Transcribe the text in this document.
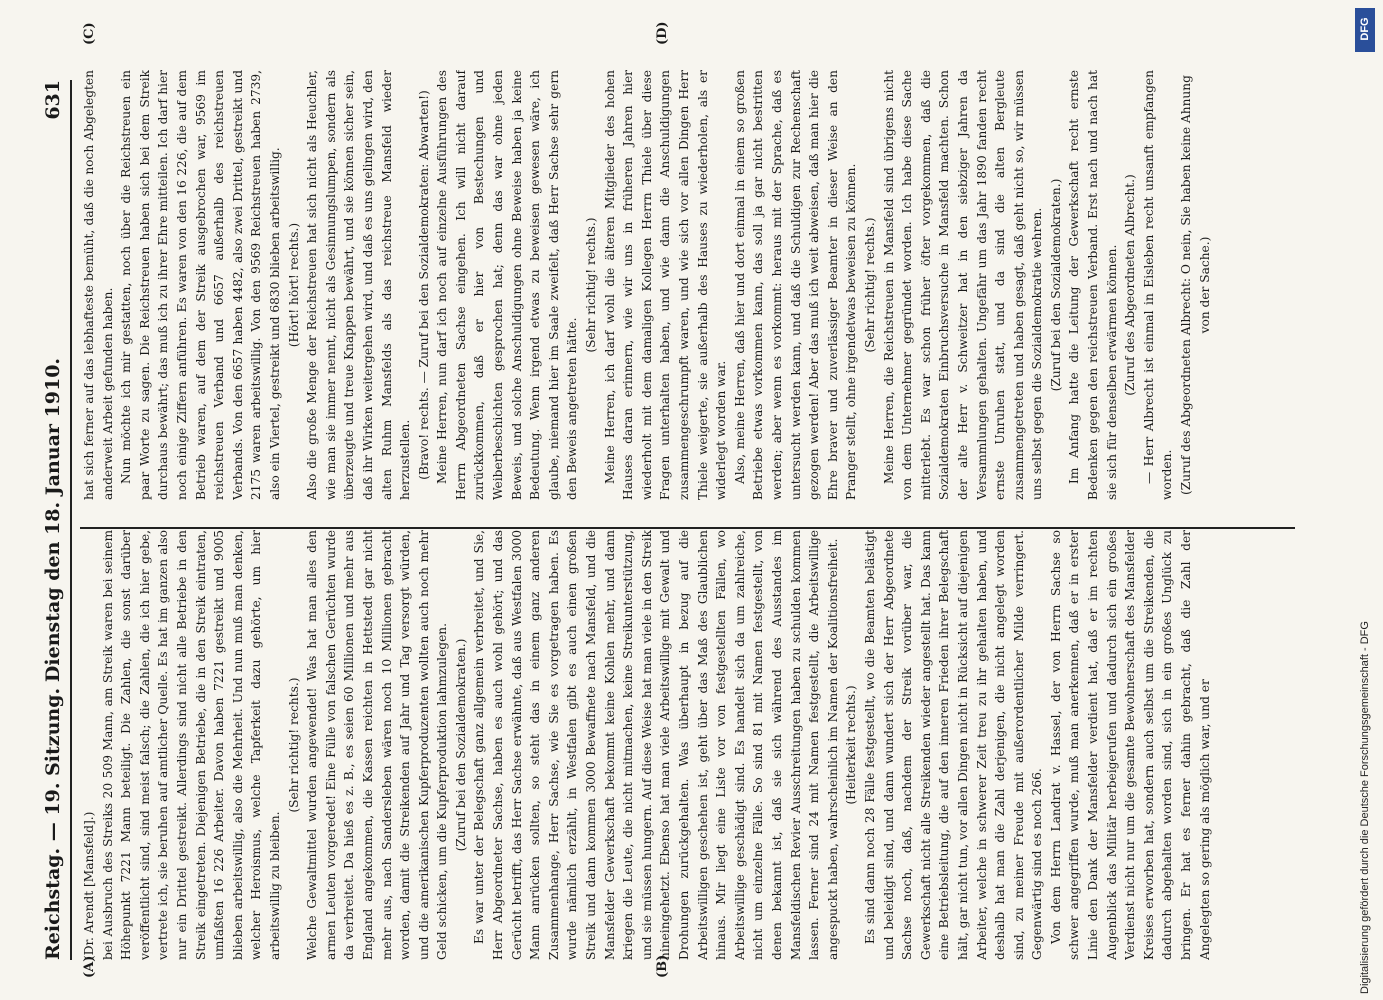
Reichstag. — 19. Sitzung.
Dienstag den 18. Januar 1910.
631
(A)	(B)
(C)	(D)

(Dr. Arendt [Mansfeld].) bei Ausbruch des Streiks 20 509 Mann, am Streik waren bei seinem Höhepunkt 7221 Mann beteiligt. Die Zahlen, die sonst darüber veröffentlicht sind, sind meist falsch; die Zahlen, die ich hier gebe, vertrete ich, sie beruhen auf amtlicher Quelle. Es hat im ganzen also nur ein Drittel gestreikt. Allerdings sind nicht alle Betriebe in den Streik eingetreten. Diejenigen Betriebe, die in den Streik eintraten, umfaßten 16 226 Arbeiter. Davon haben 7221 gestreikt und 9005 blieben arbeitswillig, also die Mehrheit. Und nun muß man denken, welcher Heroismus, welche Tapferkeit dazu gehörte, um hier arbeitswillig zu bleiben.

(Sehr richtig! rechts.) Welche Gewaltmittel wurden angewendet! Was hat man alles den armen Leuten vorgeredet! Eine Fülle von falschen Gerüchten wurde da verbreitet. Da hieß es z. B., es seien 60 Millionen und mehr aus England angekommen, die Kassen reichten in Hettstedt gar nicht mehr aus, nach Sandersleben wären noch 10 Millionen gebracht worden, damit die Streikenden auf Jahr und Tag versorgt würden, und die amerikanischen Kupferproduzenten wollten auch noch mehr Geld schicken, um die Kupferproduktion lahmzulegen. (Zuruf bei den Sozialdemokraten.) Es war unter der Belegschaft ganz allgemein verbreitet, und Sie, Herr Abgeordneter Sachse, haben es auch wohl gehört; und das Gerücht betrifft, das Herr Sachse erwähnte, daß aus Westfalen 3000 Mann anrücken sollten, so steht das in einem ganz anderen Zusammenhange, Herr Sachse, wie Sie es vorgetragen haben. Es wurde nämlich erzählt, in Westfalen gibt es auch einen großen Streik und dann kommen 3000 Bewaffnete nach Mansfeld, und die Mansfelder Gewerkschaft bekommt keine Kohlen mehr, und dann kriegen die Leute, die nicht mitmachen, keine Streikunterstützung, und sie müssen hungern. Auf diese Weise hat man viele in den Streik hineingehetzt. Ebenso hat man viele Arbeitswillige mit Gewalt und Drohungen zurückgehalten. Was überhaupt in bezug auf die Arbeitswilligen geschehen ist, geht über das Maß des Glaublichen hinaus. Mir liegt eine Liste vor von festgestellten Fällen, wo Arbeitswillige geschädigt sind. Es handelt sich da um zahlreiche, nicht um einzelne Fälle. So sind 81 mit Namen festgestellt, von denen bekannt ist, daß sie sich während des Ausstandes im Mansfeldischen Revier Ausschreitungen haben zu schulden kommen lassen. Ferner sind 24 mit Namen festgestellt, die Arbeitswillige angespuckt haben, wahrscheinlich im Namen der Koalitionsfreiheit. (Heiterkeit rechts.) Es sind dann noch 28 Fälle festgestellt, wo die Beamten belästigt und beleidigt sind, und dann wundert sich der Herr Abgeordnete Sachse noch, daß, nachdem der Streik vorüber war, die Gewerkschaft nicht alle Streikenden wieder angestellt hat. Das kann eine Betriebsleitung, die auf den inneren Frieden ihrer Belegschaft hält, gar nicht tun, vor allen Dingen nicht in Rücksicht auf diejenigen Arbeiter, welche in schwerer Zeit treu zu ihr gehalten haben, und deshalb hat man die Zahl derjenigen, die nicht angelegt worden sind, zu meiner Freude mit außerordentlicher Milde verringert. Gegenwärtig sind es noch 266. Von dem Herrn Landrat v. Hassel, der von Herrn Sachse so schwer angegriffen wurde, muß man anerkennen, daß er in erster Linie den Dank der Mansfelder verdient hat, daß er im rechten Augenblick das Militär herbeigerufen und dadurch sich ein großes Verdienst nicht nur um die gesamte Bewohnerschaft des Mansfelder Kreises erworben hat, sondern auch selbst um die Streikenden, die dadurch abgehalten worden sind, sich in ein großes Unglück zu bringen. Er hat es ferner dahin gebracht, daß die Zahl der Angelegten so gering als möglich war, und er

hat sich ferner auf das lebhafteste bemüht, daß die noch Abgelegten anderweit Arbeit gefunden haben. Nun möchte ich mir gestatten, noch über die Reichstreuen ein paar Worte zu sagen. Die Reichstreuen haben sich bei dem Streik durchaus bewährt; das muß ich zu ihrer Ehre mitteilen. Ich darf hier noch einige Ziffern anführen. Es waren von den 16 226, die auf dem Betrieb waren, auf dem der Streik ausgebrochen war, 9569 im reichstreuen Verband und 6657 außerhalb des reichstreuen Verbands. Von den 6657 haben 4482, also zwei Drittel, gestreikt und 2175 waren arbeitswillig. Von den 9569 Reichstreuen haben 2739, also ein Viertel, gestreikt und 6830 blieben arbeitswillig. (Hört! hört! rechts.) Also die große Menge der Reichstreuen hat sich nicht als Heuchler, wie man sie immer nennt, nicht als Gesinnungslumpen, sondern als überzeugte und treue Knappen bewährt, und sie können sicher sein, daß ihr Wirken weitergehen wird, und daß es uns gelingen wird, den alten Ruhm Mansfelds als das reichstreue Mansfeld wieder herzustellen. (Bravo! rechts. — Zuruf bei den Sozialdemokraten: Abwarten!) Meine Herren, nun darf ich noch auf einzelne Ausführungen des Herrn Abgeordneten Sachse eingehen. Ich will nicht darauf zurückkommen, daß er hier von Bestechungen und Weiberbeschichten gesprochen hat; denn das war ohne jeden Beweis, und solche Anschuldigungen ohne Beweise haben ja keine Bedeutung. Wenn irgend etwas zu beweisen gewesen wäre, ich glaube, niemand hier im Saale zweifelt, daß Herr Sachse sehr gern den Beweis angetreten hätte.

(Sehr richtig! rechts.) Meine Herren, ich darf wohl die älteren Mitglieder des hohen Hauses daran erinnern, wie wir uns in früheren Jahren hier wiederholt mit dem damaligen Kollegen Herrn Thiele über diese Fragen unterhalten haben, und wie dann die Anschuldigungen zusammengeschrumpft waren, und wie sich vor allen Dingen Herr Thiele weigerte, sie außerhalb des Hauses zu wiederholen, als er widerlegt worden war. Also, meine Herren, daß hier und dort einmal in einem so großen Betriebe etwas vorkommen kann, das soll ja gar nicht bestritten werden; aber wenn es vorkommt: heraus mit der Sprache, daß es untersucht werden kann, und daß die Schuldigen zur Rechenschaft gezogen werden! Aber das muß ich weit abweisen, daß man hier die Ehre braver und zuverlässiger Beamter in dieser Weise an den Pranger stellt, ohne irgendetwas beweisen zu können. (Sehr richtig! rechts.) Meine Herren, die Reichstreuen in Mansfeld sind übrigens nicht von dem Unternehmer gegründet worden. Ich habe diese Sache mitterlebt. Es war schon früher öfter vorgekommen, daß die Sozialdemokraten Einbruchsversuche in Mansfeld machten. Schon der alte Herr v. Schweitzer hat in den siebziger Jahren da Versammlungen gehalten. Ungefähr um das Jahr 1890 fanden recht ernste Unruhen statt, und da sind die alten Bergleute zusammengetreten und haben gesagt, daß geht nicht so, wir müssen uns selbst gegen die Sozialdemokratie wehren. (Zuruf bei den Sozialdemokraten.) Im Anfang hatte die Leitung der Gewerkschaft recht ernste Bedenken gegen den reichstreuen Verband. Erst nach und nach hat sie sich für denselben erwärmen können. (Zuruf des Abgeordneten Albrecht.) — Herr Albrecht ist einmal in Eisleben recht unsanft empfangen worden. (Zuruf des Abgeordneten Albrecht: O nein, Sie haben keine Ahnung von der Sache.)

DFG
Digitalisierung gefördert durch die Deutsche Forschungsgemeinschaft - DFG
